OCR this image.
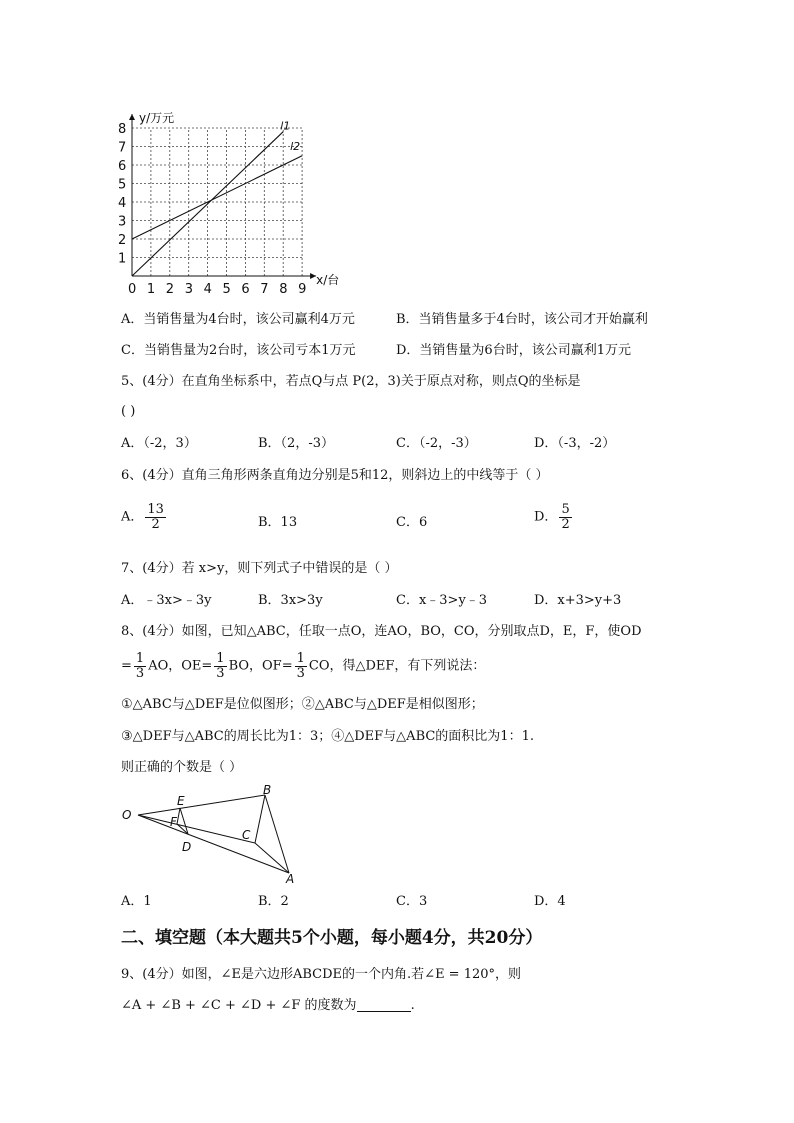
0 1 2 3 4 5 6 7 8 9
1
2
3
4
5
6
7
8
y/万元
x/台
l1
l2
A．当销售量为4台时，该公司赢利4万元	B．当销售量多于4台时，该公司才开始赢利
C．当销售量为2台时，该公司亏本1万元	D．当销售量为6台时，该公司赢利1万元
5、(4分）在直角坐标系中，若点Q与点 P(2，3)关于原点对称，则点Q的坐标是
( )
A．（-2，3）	B．（2，-3）	C．（-2，-3）	D．（-3，-2）
6、(4分）直角三角形两条直角边分别是5和12，则斜边上的中线等于（ ）
A． $\frac{13}{2}$	B．13	C．6	D． $\frac{5}{2}$
7、(4分）若 x>y，则下列式子中错误的是（ ）
A．﹣3x>﹣3y	B．3x>3y	C．x﹣3>y﹣3	D．x+3>y+3
8、(4分）如图，已知△ABC，任取一点O，连AO，BO，CO，分别取点D，E，F，使OD
= $\frac{1}{3}$ AO，$OE= \frac{1}{3}$ BO，$OF= \frac{1}{3}$ CO，得△DEF，有下列说法：
①△ABC与△DEF是位似图形；②△ABC与△DEF是相似图形；
③△DEF与△ABC的周长比为1：3；④△DEF与△ABC的面积比为1：1.
则正确的个数是（ ）
O
E
F
D
C
B
A
A．1	B．2	C．3	D．4
二、填空题（本大题共5个小题，每小题4分，共20分）
9、(4分）如图，∠E是六边形ABCDE的一个内角.若∠E = 120°，则
∠A + ∠B + ∠C + ∠D + ∠F 的度数为	.
